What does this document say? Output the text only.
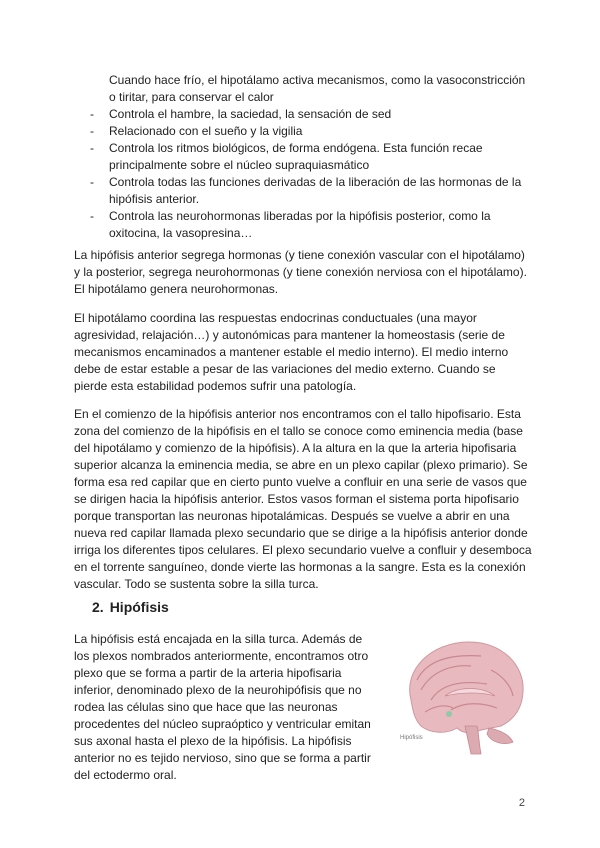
Cuando hace frío, el hipotálamo activa mecanismos, como la vasoconstricción o tiritar, para conservar el calor
- Controla el hambre, la saciedad, la sensación de sed
- Relacionado con el sueño y la vigilia
- Controla los ritmos biológicos, de forma endógena. Esta función recae principalmente sobre el núcleo supraquiasmático
- Controla todas las funciones derivadas de la liberación de las hormonas de la hipófisis anterior.
- Controla las neurohormonas liberadas por la hipófisis posterior, como la oxitocina, la vasopresina…

La hipófisis anterior segrega hormonas (y tiene conexión vascular con el hipotálamo) y la posterior, segrega neurohormonas (y tiene conexión nerviosa con el hipotálamo). El hipotálamo genera neurohormonas.

El hipotálamo coordina las respuestas endocrinas conductuales (una mayor agresividad, relajación…) y autonómicas para mantener la homeostasis (serie de mecanismos encaminados a mantener estable el medio interno). El medio interno debe de estar estable a pesar de las variaciones del medio externo. Cuando se pierde esta estabilidad podemos sufrir una patología.

En el comienzo de la hipófisis anterior nos encontramos con el tallo hipofisario. Esta zona del comienzo de la hipófisis en el tallo se conoce como eminencia media (base del hipotálamo y comienzo de la hipófisis). A la altura en la que la arteria hipofisaria superior alcanza la eminencia media, se abre en un plexo capilar (plexo primario). Se forma esa red capilar que en cierto punto vuelve a confluir en una serie de vasos que se dirigen hacia la hipófisis anterior. Estos vasos forman el sistema porta hipofisario porque transportan las neuronas hipotalámicas. Después se vuelve a abrir en una nueva red capilar llamada plexo secundario que se dirige a la hipófisis anterior donde irriga los diferentes tipos celulares. El plexo secundario vuelve a confluir y desemboca en el torrente sanguíneo, donde vierte las hormonas a la sangre. Esta es la conexión vascular. Todo se sustenta sobre la silla turca.

2. Hipófisis

La hipófisis está encajada en la silla turca. Además de los plexos nombrados anteriormente, encontramos otro plexo que se forma a partir de la arteria hipofisaria inferior, denominado plexo de la neurohipófisis que no rodea las células sino que hace que las neuronas procedentes del núcleo supraóptico y ventricular emitan sus axonal hasta el plexo de la hipófisis. La hipófisis anterior no es tejido nervioso, sino que se forma a partir del ectodermo oral.

Hipófisis
2
